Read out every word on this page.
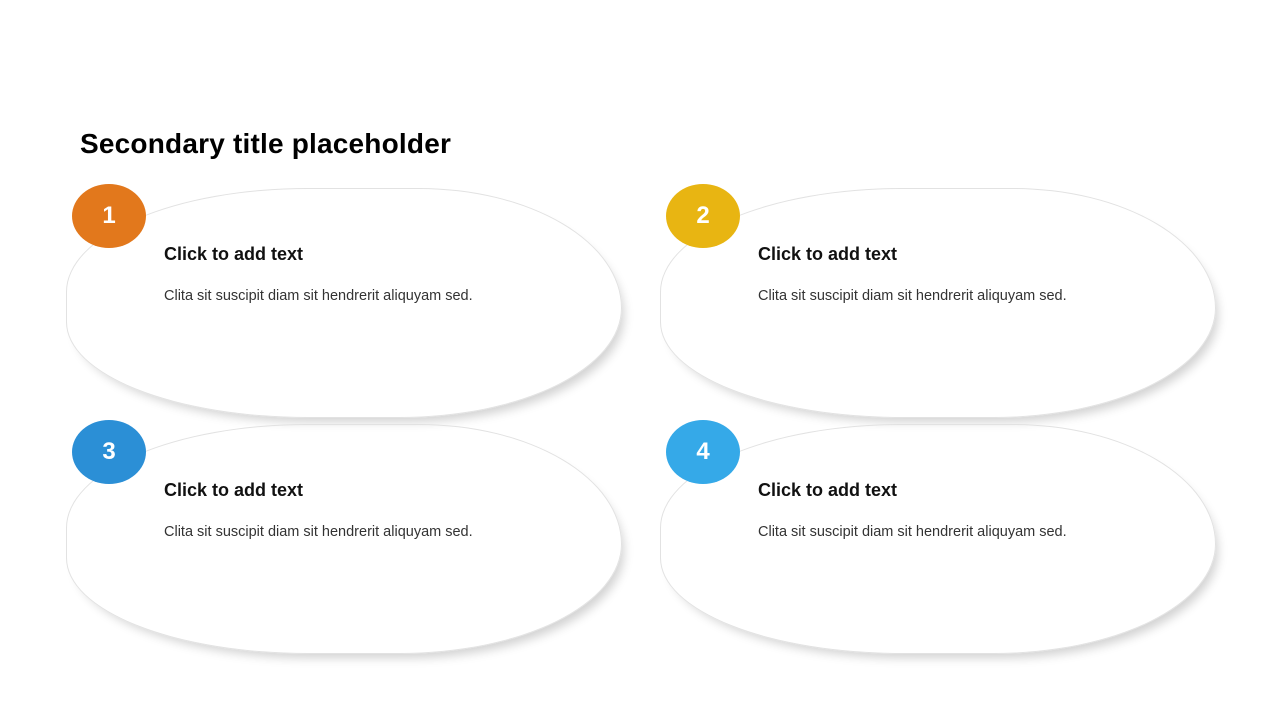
Secondary title placeholder
1
Click to add text
Clita sit suscipit diam sit hendrerit aliquyam sed.
2
Click to add text
Clita sit suscipit diam sit hendrerit aliquyam sed.
3
Click to add text
Clita sit suscipit diam sit hendrerit aliquyam sed.
4
Click to add text
Clita sit suscipit diam sit hendrerit aliquyam sed.
